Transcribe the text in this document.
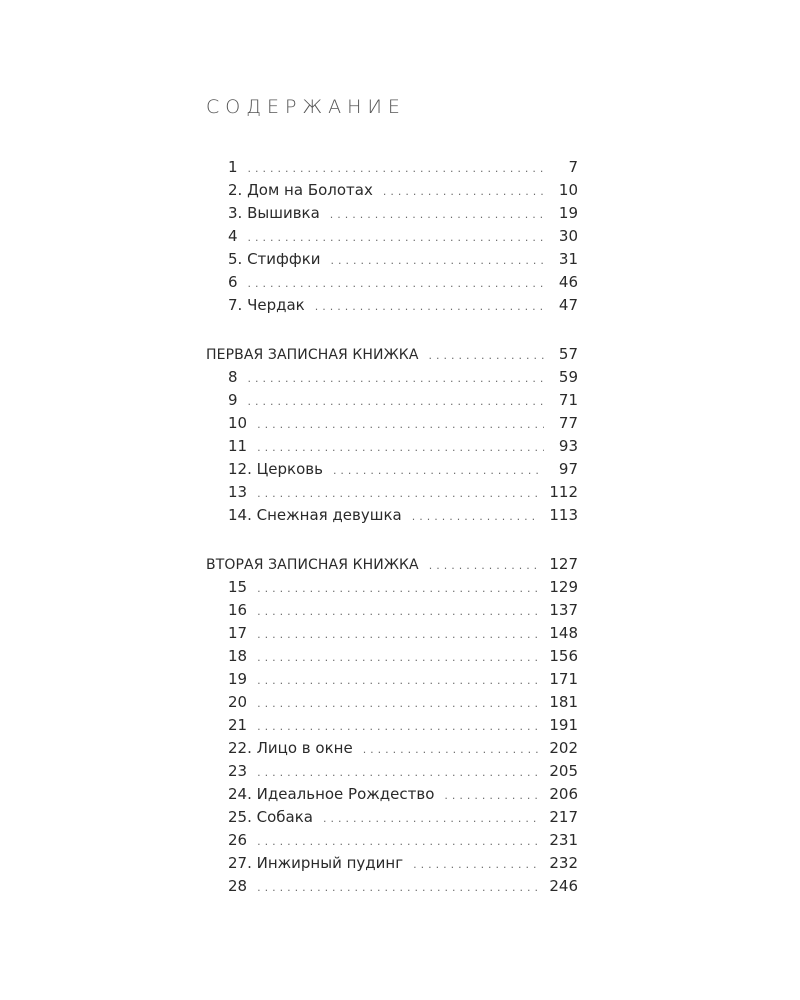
СОДЕРЖАНИЕ
1 .....	7
2. Дом на Болотах .....	10
3. Вышивка .....	19
4 .....	30
5. Стиффки .....	31
6 .....	46
7. Чердак .....	47
ПЕРВАЯ ЗАПИСНАЯ КНИЖКА .....	57
8 .....	59
9 .....	71
10 .....	77
11 .....	93
12. Церковь .....	97
13 .....	112
14. Снежная девушка .....	113
ВТОРАЯ ЗАПИСНАЯ КНИЖКА .....	127
15 .....	129
16 .....	137
17 .....	148
18 .....	156
19 .....	171
20 .....	181
21 .....	191
22. Лицо в окне .....	202
23 .....	205
24. Идеальное Рождество .....	206
25. Собака .....	217
26 .....	231
27. Инжирный пудинг .....	232
28 .....	246
